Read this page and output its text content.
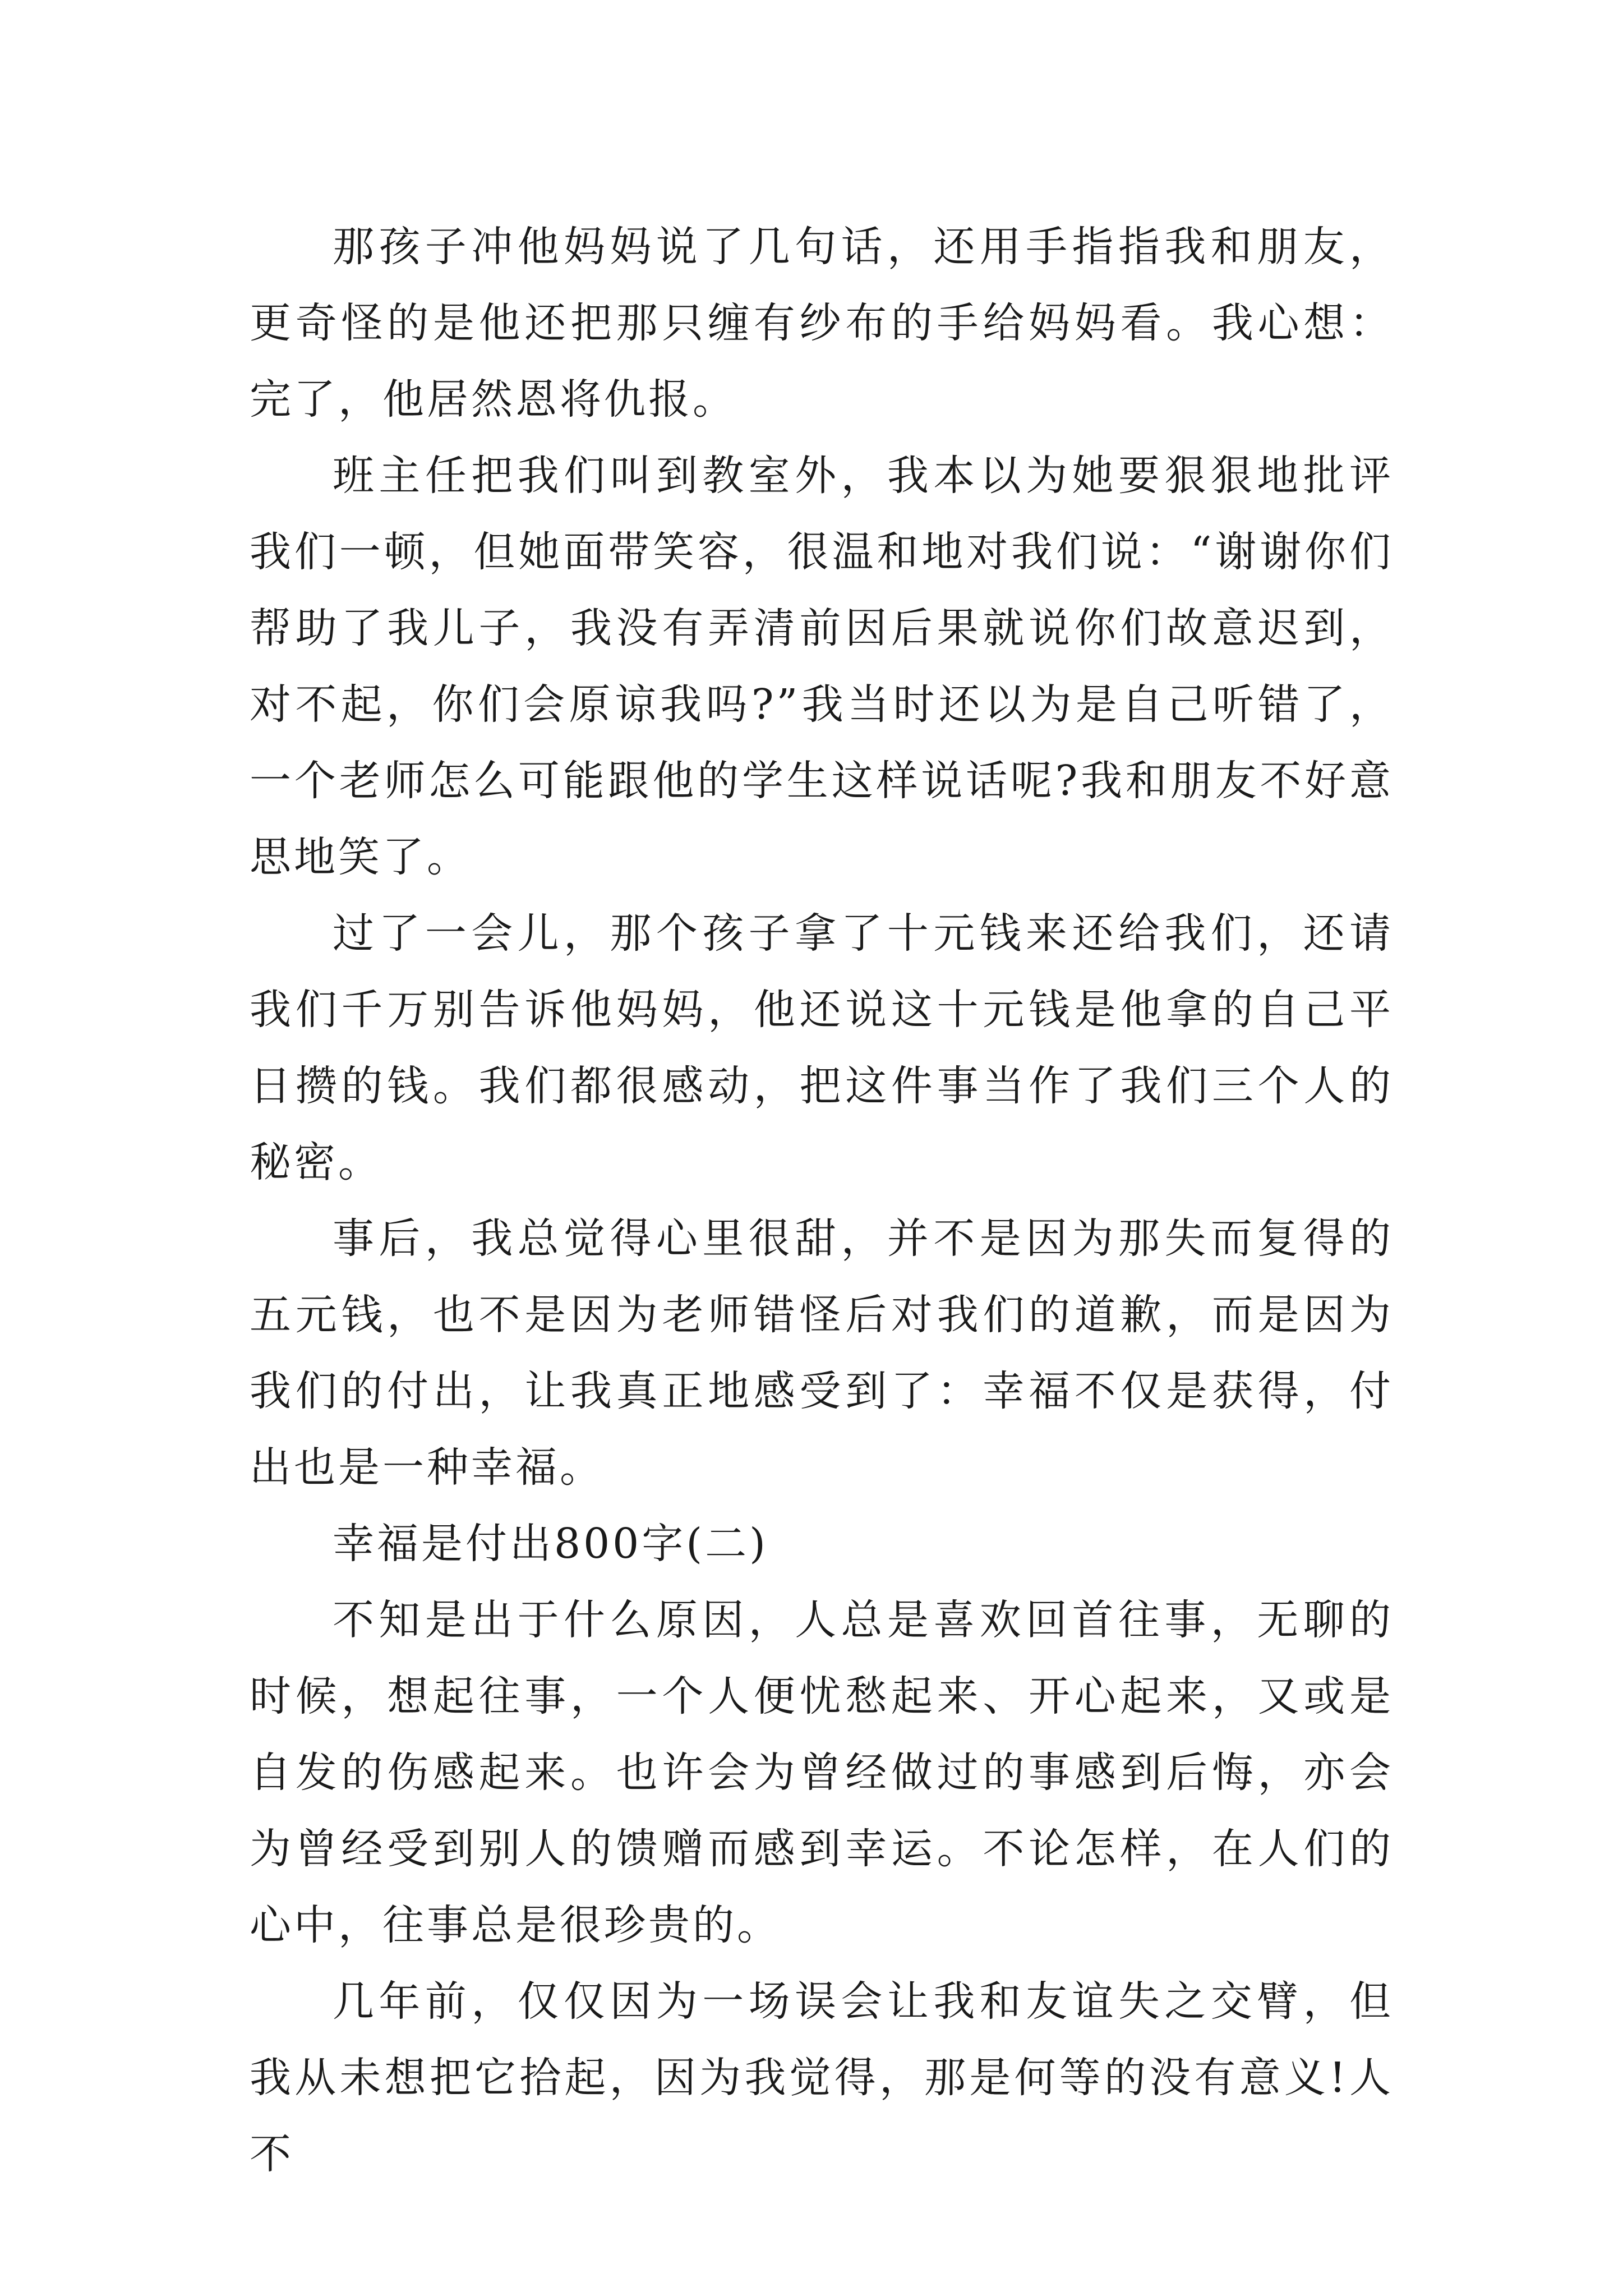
那孩子冲他妈妈说了几句话，还用手指指我和朋友，更奇怪的是他还把那只缠有纱布的手给妈妈看。我心想：完了，他居然恩将仇报。

班主任把我们叫到教室外，我本以为她要狠狠地批评我们一顿，但她面带笑容，很温和地对我们说：“谢谢你们帮助了我儿子，我没有弄清前因后果就说你们故意迟到，对不起，你们会原谅我吗?”我当时还以为是自己听错了，一个老师怎么可能跟他的学生这样说话呢?我和朋友不好意思地笑了。

过了一会儿，那个孩子拿了十元钱来还给我们，还请我们千万别告诉他妈妈，他还说这十元钱是他拿的自己平日攒的钱。我们都很感动，把这件事当作了我们三个人的秘密。

事后，我总觉得心里很甜，并不是因为那失而复得的五元钱，也不是因为老师错怪后对我们的道歉，而是因为我们的付出，让我真正地感受到了：幸福不仅是获得，付出也是一种幸福。

幸福是付出800字(二)

不知是出于什么原因，人总是喜欢回首往事，无聊的时候，想起往事，一个人便忧愁起来、开心起来，又或是自发的伤感起来。也许会为曾经做过的事感到后悔，亦会为曾经受到别人的馈赠而感到幸运。不论怎样，在人们的心中，往事总是很珍贵的。

几年前，仅仅因为一场误会让我和友谊失之交臂，但我从未想把它拾起，因为我觉得，那是何等的没有意义!人不
